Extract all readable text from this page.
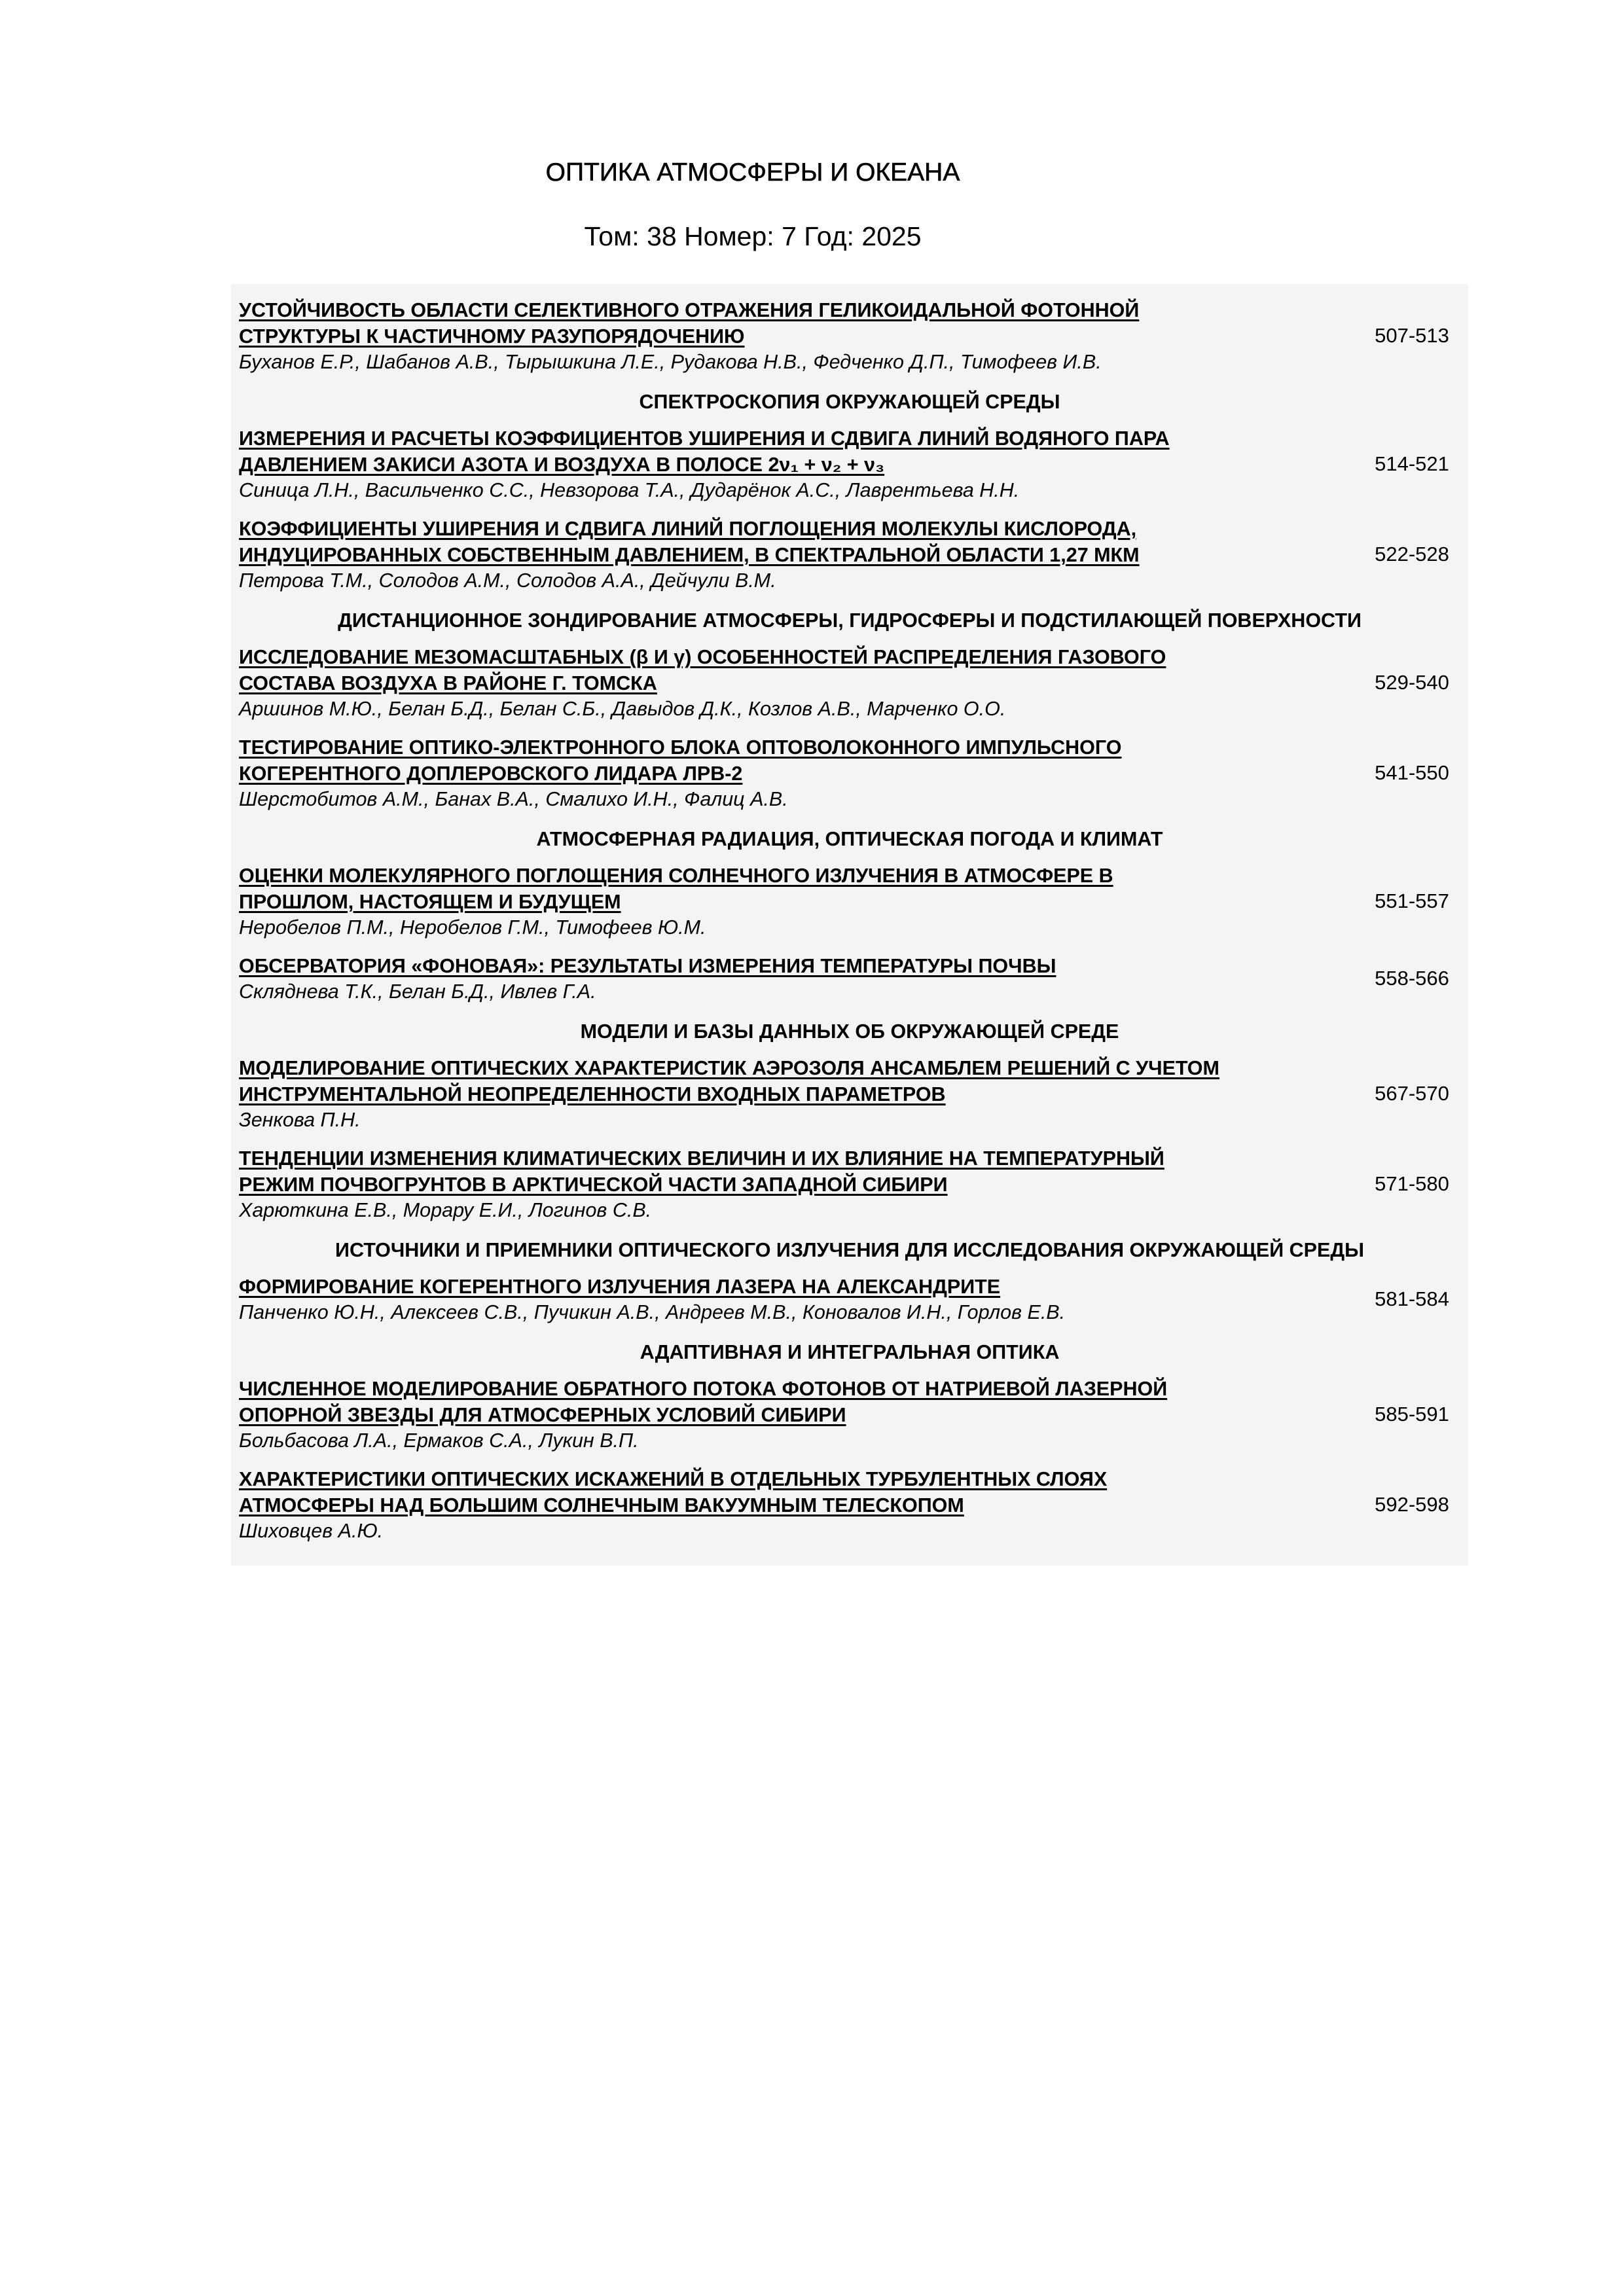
ОПТИКА АТМОСФЕРЫ И ОКЕАНА
Том: 38 Номер: 7 Год: 2025
УСТОЙЧИВОСТЬ ОБЛАСТИ СЕЛЕКТИВНОГО ОТРАЖЕНИЯ ГЕЛИКОИДАЛЬНОЙ ФОТОННОЙ
СТРУКТУРЫ К ЧАСТИЧНОМУ РАЗУПОРЯДОЧЕНИЮ
Буханов Е.Р., Шабанов А.В., Тырышкина Л.Е., Рудакова Н.В., Федченко Д.П., Тимофеев И.В.
507-513
СПЕКТРОСКОПИЯ ОКРУЖАЮЩЕЙ СРЕДЫ
ИЗМЕРЕНИЯ И РАСЧЕТЫ КОЭФФИЦИЕНТОВ УШИРЕНИЯ И СДВИГА ЛИНИЙ ВОДЯНОГО ПАРА
ДАВЛЕНИЕМ ЗАКИСИ АЗОТА И ВОЗДУХА В ПОЛОСЕ 2ν₁ + ν₂ + ν₃
Синица Л.Н., Васильченко С.С., Невзорова Т.А., Дударёнок А.С., Лаврентьева Н.Н.
514-521
КОЭФФИЦИЕНТЫ УШИРЕНИЯ И СДВИГА ЛИНИЙ ПОГЛОЩЕНИЯ МОЛЕКУЛЫ КИСЛОРОДА,
ИНДУЦИРОВАННЫХ СОБСТВЕННЫМ ДАВЛЕНИЕМ, В СПЕКТРАЛЬНОЙ ОБЛАСТИ 1,27 МКМ
Петрова Т.М., Солодов А.М., Солодов А.А., Дейчули В.М.
522-528
ДИСТАНЦИОННОЕ ЗОНДИРОВАНИЕ АТМОСФЕРЫ, ГИДРОСФЕРЫ И ПОДСТИЛАЮЩЕЙ ПОВЕРХНОСТИ
ИССЛЕДОВАНИЕ МЕЗОМАСШТАБНЫХ (β И γ) ОСОБЕННОСТЕЙ РАСПРЕДЕЛЕНИЯ ГАЗОВОГО
СОСТАВА ВОЗДУХА В РАЙОНЕ Г. ТОМСКА
Аршинов М.Ю., Белан Б.Д., Белан С.Б., Давыдов Д.К., Козлов А.В., Марченко О.О.
529-540
ТЕСТИРОВАНИЕ ОПТИКО-ЭЛЕКТРОННОГО БЛОКА ОПТОВОЛОКОННОГО ИМПУЛЬСНОГО
КОГЕРЕНТНОГО ДОПЛЕРОВСКОГО ЛИДАРА ЛРВ-2
Шерстобитов А.М., Банах В.А., Смалихо И.Н., Фалиц А.В.
541-550
АТМОСФЕРНАЯ РАДИАЦИЯ, ОПТИЧЕСКАЯ ПОГОДА И КЛИМАТ
ОЦЕНКИ МОЛЕКУЛЯРНОГО ПОГЛОЩЕНИЯ СОЛНЕЧНОГО ИЗЛУЧЕНИЯ В АТМОСФЕРЕ В
ПРОШЛОМ, НАСТОЯЩЕМ И БУДУЩЕМ
Неробелов П.М., Неробелов Г.М., Тимофеев Ю.М.
551-557
ОБСЕРВАТОРИЯ «ФОНОВАЯ»: РЕЗУЛЬТАТЫ ИЗМЕРЕНИЯ ТЕМПЕРАТУРЫ ПОЧВЫ
Скляднева Т.К., Белан Б.Д., Ивлев Г.А.
558-566
МОДЕЛИ И БАЗЫ ДАННЫХ ОБ ОКРУЖАЮЩЕЙ СРЕДЕ
МОДЕЛИРОВАНИЕ ОПТИЧЕСКИХ ХАРАКТЕРИСТИК АЭРОЗОЛЯ АНСАМБЛЕМ РЕШЕНИЙ С УЧЕТОМ
ИНСТРУМЕНТАЛЬНОЙ НЕОПРЕДЕЛЕННОСТИ ВХОДНЫХ ПАРАМЕТРОВ
Зенкова П.Н.
567-570
ТЕНДЕНЦИИ ИЗМЕНЕНИЯ КЛИМАТИЧЕСКИХ ВЕЛИЧИН И ИХ ВЛИЯНИЕ НА ТЕМПЕРАТУРНЫЙ
РЕЖИМ ПОЧВОГРУНТОВ В АРКТИЧЕСКОЙ ЧАСТИ ЗАПАДНОЙ СИБИРИ
Харюткина Е.В., Морару Е.И., Логинов С.В.
571-580
ИСТОЧНИКИ И ПРИЕМНИКИ ОПТИЧЕСКОГО ИЗЛУЧЕНИЯ ДЛЯ ИССЛЕДОВАНИЯ ОКРУЖАЮЩЕЙ СРЕДЫ
ФОРМИРОВАНИЕ КОГЕРЕНТНОГО ИЗЛУЧЕНИЯ ЛАЗЕРА НА АЛЕКСАНДРИТЕ
Панченко Ю.Н., Алексеев С.В., Пучикин А.В., Андреев М.В., Коновалов И.Н., Горлов Е.В.
581-584
АДАПТИВНАЯ И ИНТЕГРАЛЬНАЯ ОПТИКА
ЧИСЛЕННОЕ МОДЕЛИРОВАНИЕ ОБРАТНОГО ПОТОКА ФОТОНОВ ОТ НАТРИЕВОЙ ЛАЗЕРНОЙ
ОПОРНОЙ ЗВЕЗДЫ ДЛЯ АТМОСФЕРНЫХ УСЛОВИЙ СИБИРИ
Больбасова Л.А., Ермаков С.А., Лукин В.П.
585-591
ХАРАКТЕРИСТИКИ ОПТИЧЕСКИХ ИСКАЖЕНИЙ В ОТДЕЛЬНЫХ ТУРБУЛЕНТНЫХ СЛОЯХ
АТМОСФЕРЫ НАД БОЛЬШИМ СОЛНЕЧНЫМ ВАКУУМНЫМ ТЕЛЕСКОПОМ
Шиховцев А.Ю.
592-598
